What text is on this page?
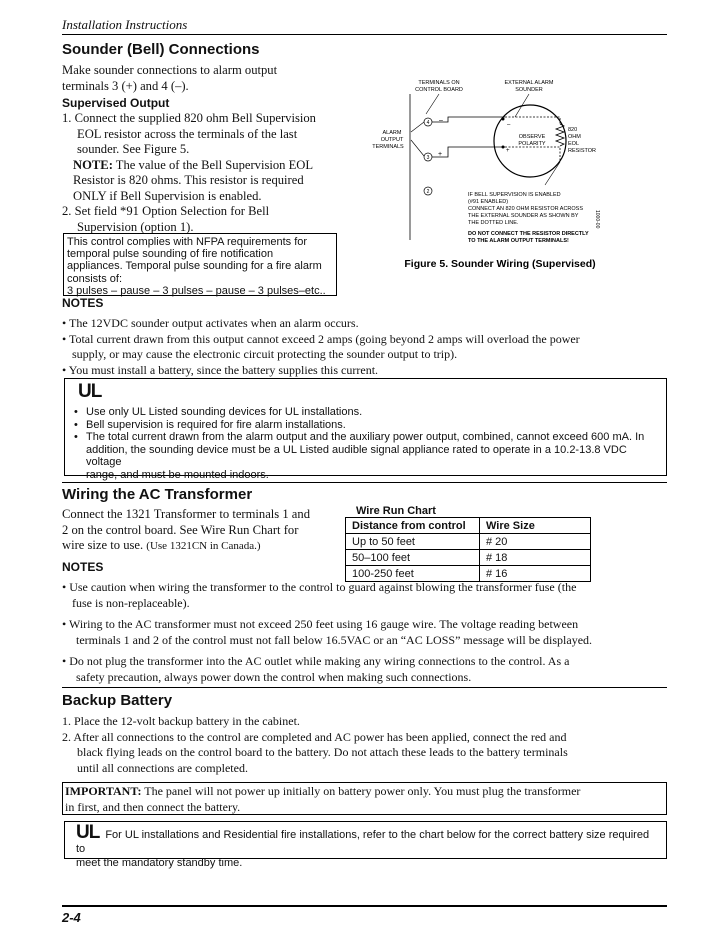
Installation Instructions
Sounder (Bell) Connections
Make sounder connections to alarm output
terminals 3 (+) and 4 (–).
Supervised Output
1. Connect the supplied 820 ohm Bell Supervision
EOL resistor across the terminals of the last
sounder. See Figure 5.
NOTE: The value of the Bell Supervision EOL
Resistor is 820 ohms. This resistor is required
ONLY if Bell Supervision is enabled.
2. Set field *91 Option Selection for Bell
Supervision (option 1).
This control complies with NFPA requirements for
temporal pulse sounding of fire notification
appliances. Temporal pulse sounding for a fire alarm
consists of:
3 pulses – pause – 3 pulses – pause – 3 pulses–etc..
TERMINALS ON
CONTROL BOARD
EXTERNAL ALARM
SOUNDER
ALARM
OUTPUT
TERMINALS
4
3
2
–
+
–
+
OBSERVE
POLARITY
820
OHM
EOL
RESISTOR
IF BELL SUPERVISION IS ENABLED
(#91 ENABLED)
CONNECT AN 820 OHM RESISTOR ACROSS
THE EXTERNAL SOUNDER AS SHOWN BY
THE DOTTED LINE.
DO NOT CONNECT THE RESISTOR DIRECTLY
TO THE ALARM OUTPUT TERMINALS!
1000-00
Figure 5. Sounder Wiring (Supervised)
NOTES
• The 12VDC sounder output activates when an alarm occurs.
• Total current drawn from this output cannot exceed 2 amps (going beyond 2 amps will overload the power
supply, or may cause the electronic circuit protecting the sounder output to trip).
• You must install a battery, since the battery supplies this current.
UL
• Use only UL Listed sounding devices for UL installations.
• Bell supervision is required for fire alarm installations.
• The total current drawn from the alarm output and the auxiliary power output, combined, cannot exceed 600 mA. In
addition, the sounding device must be a UL Listed audible signal appliance rated to operate in a 10.2-13.8 VDC voltage
range, and must be mounted indoors.
Wiring the AC Transformer
Connect the 1321 Transformer to terminals 1 and
2 on the control board. See Wire Run Chart for
wire size to use. (Use 1321CN in Canada.)
Wire Run Chart
Distance from control	Wire Size
Up to 50 feet	# 20
50–100 feet	# 18
100-250 feet	# 16
NOTES
• Use caution when wiring the transformer to the control to guard against blowing the transformer fuse (the
fuse is non-replaceable).
• Wiring to the AC transformer must not exceed 250 feet using 16 gauge wire. The voltage reading between
terminals 1 and 2 of the control must not fall below 16.5VAC or an “AC LOSS” message will be displayed.
• Do not plug the transformer into the AC outlet while making any wiring connections to the control. As a
safety precaution, always power down the control when making such connections.
Backup Battery
1. Place the 12-volt backup battery in the cabinet.
2. After all connections to the control are completed and AC power has been applied, connect the red and
black flying leads on the control board to the battery. Do not attach these leads to the battery terminals
until all connections are completed.
IMPORTANT: The panel will not power up initially on battery power only. You must plug the transformer
in first, and then connect the battery.
UL For UL installations and Residential fire installations, refer to the chart below for the correct battery size required to
meet the mandatory standby time.
2-4
